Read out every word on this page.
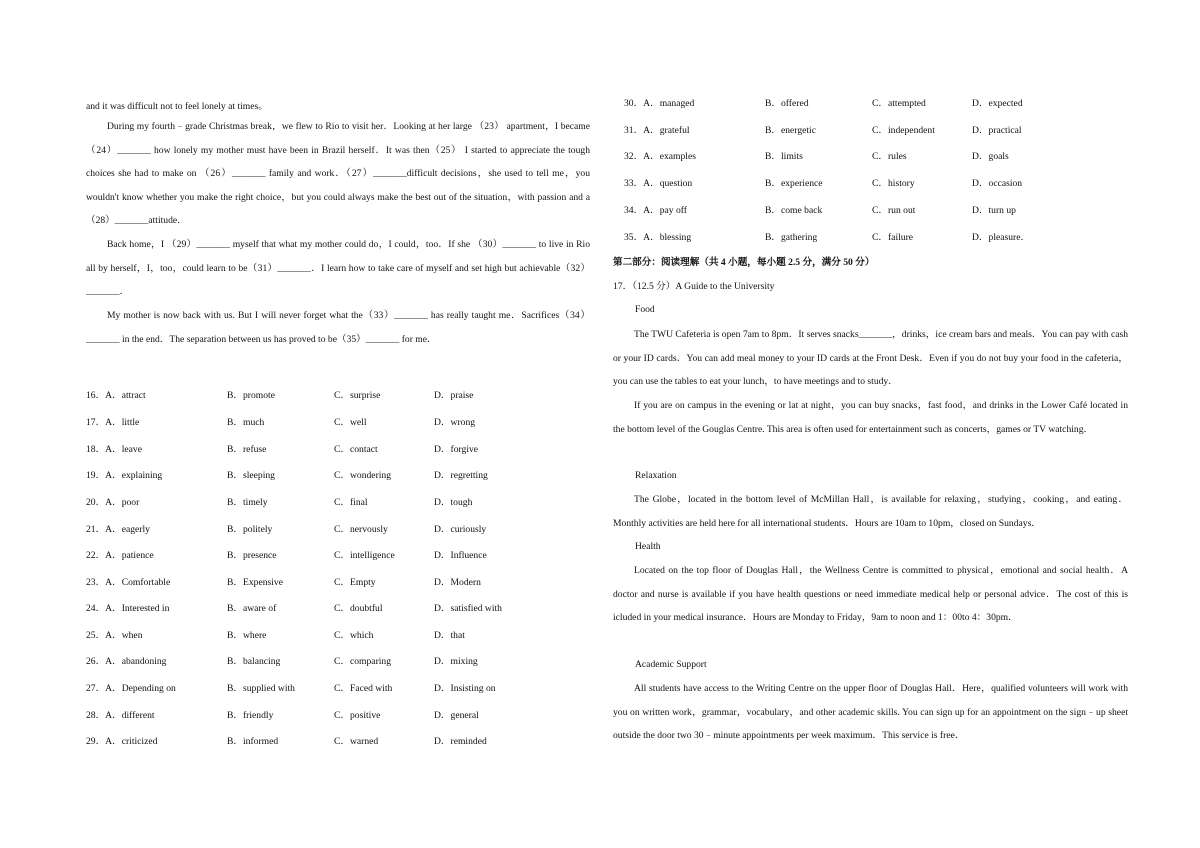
and it was difficult not to feel lonely at times。
During my fourth﹣grade Christmas break，we flew to Rio to visit her．Looking at her large （23） apartment，I became（24）_______ how lonely my mother must have been in Brazil herself．It was then（25） I started to appreciate the tough choices she had to make on （26）_______ family and work．（27）_______difficult decisions，she used to tell me，you wouldn't know whether you make the right choice，but you could always make the best out of the situation，with passion and a （28）_______attitude．
Back home，I （29）_______ myself that what my mother could do，I could，too．If she （30）_______ to live in Rio all by herself，I，too，could learn to be（31）_______．I learn how to take care of myself and set high but achievable（32）_______．
My mother is now back with us. But I will never forget what the（33）_______ has really taught me．Sacrifices（34）_______ in the end．The separation between us has proved to be（35）_______ for me．
16．A．attract	B．promote	C．surprise	D．praise
17．A．little	B．much	C．well	D．wrong
18．A．leave	B．refuse	C．contact	D．forgive
19．A．explaining	B．sleeping	C．wondering	D．regretting
20．A．poor	B．timely	C．final	D．tough
21．A．eagerly	B．politely	C．nervously	D．curiously
22．A．patience	B．presence	C．intelligence	D．Influence
23．A．Comfortable	B．Expensive	C．Empty	D．Modern
24．A．Interested in	B．aware of	C．doubtful	D．satisfied with
25．A．when	B．where	C．which	D．that
26．A．abandoning	B．balancing	C．comparing	D．mixing
27．A．Depending on	B．supplied with	C．Faced with	D．Insisting on
28．A．different	B．friendly	C．positive	D．general
29．A．criticized	B．informed	C．warned	D．reminded
30．A．managed	B．offered	C．attempted	D．expected
31．A．grateful	B．energetic	C．independent	D．practical
32．A．examples	B．limits	C．rules	D．goals
33．A．question	B．experience	C．history	D．occasion
34．A．pay off	B．come back	C．run out	D．turn up
35．A．blessing	B．gathering	C．failure	D．pleasure．
第二部分：阅读理解（共 4 小题，每小题 2.5 分，满分 50 分）
17．（12.5 分）A Guide to the University
Food
The TWU Cafeteria is open 7am to 8pm．It serves snacks_______，drinks，ice cream bars and meals．You can pay with cash or your ID cards．You can add meal money to your ID cards at the Front Desk．Even if you do not buy your food in the cafeteria，you can use the tables to eat your lunch，to have meetings and to study．
If you are on campus in the evening or lat at night，you can buy snacks，fast food，and drinks in the Lower Café located in the bottom level of the Gouglas Centre. This area is often used for entertainment such as concerts，games or TV watching．
Relaxation
The Globe，located in the bottom level of McMillan Hall，is available for relaxing，studying，cooking，and eating．Monthly activities are held here for all international students．Hours are 10am to 10pm，closed on Sundays．
Health
Located on the top floor of Douglas Hall，the Wellness Centre is committed to physical，emotional and social health．A doctor and nurse is available if you have health questions or need immediate medical help or personal advice．The cost of this is icluded in your medical insurance．Hours are Monday to Friday，9am to noon and 1：00to 4：30pm．
Academic Support
All students have access to the Writing Centre on the upper floor of Douglas Hall．Here，qualified volunteers will work with you on written work，grammar，vocabulary，and other academic skills. You can sign up for an appointment on the sign﹣up sheet outside the door two 30﹣minute appointments per week maximum．This service is free．
